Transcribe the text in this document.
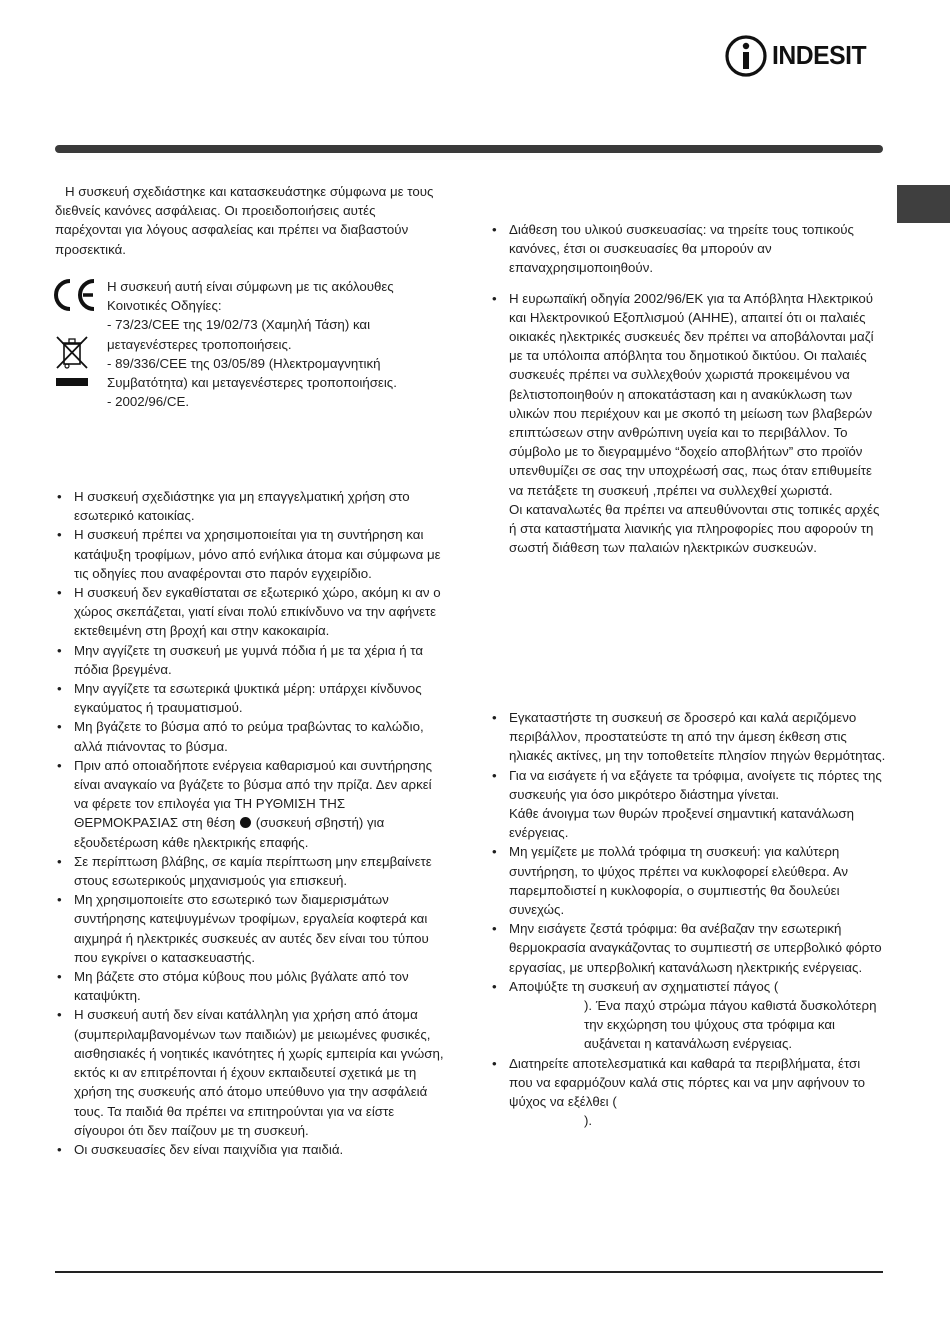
INDESIT
Η συσκευή σχεδιάστηκε και κατασκευάστηκε σύμφωνα με τους διεθνείς κανόνες ασφάλειας. Οι προειδοποιήσεις αυτές παρέχονται για λόγους ασφαλείας και πρέπει να διαβαστούν προσεκτικά.
Η συσκευή αυτή είναι σύμφωνη με τις ακόλουθες
Κοινοτικές Οδηγίες:
- 73/23/CEE της 19/02/73 (Χαμηλή Τάση) και
μεταγενέστερες τροποποιήσεις.
- 89/336/CEE της 03/05/89 (Ηλεκτρομαγνητική
Συμβατότητα) και μεταγενέστερες τροποποιήσεις.
- 2002/96/CE.
• Η συσκευή σχεδιάστηκε για μη επαγγελματική χρήση στο εσωτερικό κατοικίας.
• Η συσκευή πρέπει να χρησιμοποιείται για τη συντήρηση και κατάψυξη τροφίμων, μόνο από ενήλικα άτομα και σύμφωνα με τις οδηγίες που αναφέρονται στο παρόν εγχειρίδιο.
• Η συσκευή δεν εγκαθίσταται σε εξωτερικό χώρο, ακόμη κι αν ο χώρος σκεπάζεται, γιατί είναι πολύ επικίνδυνο να την αφήνετε εκτεθειμένη στη βροχή και στην κακοκαιρία.
• Μην αγγίζετε τη συσκευή με γυμνά πόδια ή με τα χέρια ή τα πόδια βρεγμένα.
• Μην αγγίζετε τα εσωτερικά ψυκτικά μέρη: υπάρχει κίνδυνος εγκαύματος ή τραυματισμού.
• Μη βγάζετε το βύσμα από το ρεύμα τραβώντας το καλώδιο, αλλά πιάνοντας το βύσμα.
• Πριν από οποιαδήποτε ενέργεια καθαρισμού και συντήρησης είναι αναγκαίο να βγάζετε το βύσμα από την πρίζα. Δεν αρκεί να φέρετε τον επιλογέα για ΤΗ ΡΥΘΜΙΣΗ ΤΗΣ ΘΕΡΜΟΚΡΑΣΙΑΣ στη θέση (συσκευή σβηστή) για εξουδετέρωση κάθε ηλεκτρικής επαφής.
• Σε περίπτωση βλάβης, σε καμία περίπτωση μην επεμβαίνετε στους εσωτερικούς μηχανισμούς για επισκευή.
• Μη χρησιμοποιείτε στο εσωτερικό των διαμερισμάτων συντήρησης κατεψυγμένων τροφίμων, εργαλεία κοφτερά και αιχμηρά ή ηλεκτρικές συσκευές αν αυτές δεν είναι του τύπου που εγκρίνει ο κατασκευαστής.
• Μη βάζετε στο στόμα κύβους που μόλις βγάλατε από τον καταψύκτη.
• Η συσκευή αυτή δεν είναι κατάλληλη για χρήση από άτομα (συμπεριλαμβανομένων των παιδιών) με μειωμένες φυσικές, αισθησιακές ή νοητικές ικανότητες ή χωρίς εμπειρία και γνώση, εκτός κι αν επιτρέπονται ή έχουν εκπαιδευτεί σχετικά με τη χρήση της συσκευής από άτομο υπεύθυνο για την ασφάλειά τους. Τα παιδιά θα πρέπει να επιτηρούνται για να είστε σίγουροι ότι δεν παίζουν με τη συσκευή.
• Οι συσκευασίες δεν είναι παιχνίδια για παιδιά.
• Διάθεση του υλικού συσκευασίας: να τηρείτε τους τοπικούς κανόνες, έτσι οι συσκευασίες θα μπορούν αν επαναχρησιμοποιηθούν.
• Η ευρωπαϊκή οδηγία 2002/96/ΕΚ για τα Απόβλητα Ηλεκτρικού και Ηλεκτρονικού Εξοπλισμού (ΑΗΗΕ), απαιτεί ότι οι παλαιές οικιακές ηλεκτρικές συσκευές δεν πρέπει να αποβάλονται μαζί με τα υπόλοιπα απόβλητα του δημοτικού δικτύου. Οι παλαιές συσκευές πρέπει να συλλεχθούν χωριστά προκειμένου να βελτιστοποιηθούν η αποκατάσταση και η ανακύκλωση των υλικών που περιέχουν και με σκοπό τη μείωση των βλαβερών επιπτώσεων στην ανθρώπινη υγεία και το περιβάλλον. Το σύμβολο με το διεγραμμένο “δοχείο αποβλήτων” στο προϊόν υπενθυμίζει σε σας την υποχρέωσή σας, πως όταν επιθυμείτε να πετάξετε τη συσκευή ,πρέπει να συλλεχθεί χωριστά.
Οι καταναλωτές θα πρέπει να απευθύνονται στις τοπικές αρχές ή στα καταστήματα λιανικής για πληροφορίες που αφορούν τη σωστή διάθεση των παλαιών ηλεκτρικών συσκευών.
• Εγκαταστήστε τη συσκευή σε δροσερό και καλά αεριζόμενο περιβάλλον, προστατεύστε τη από την άμεση έκθεση στις ηλιακές ακτίνες, μη την τοποθετείτε πλησίον πηγών θερμότητας.
• Για να εισάγετε ή να εξάγετε τα τρόφιμα, ανοίγετε τις πόρτες της συσκευής για όσο μικρότερο διάστημα γίνεται.
Κάθε άνοιγμα των θυρών προξενεί σημαντική κατανάλωση ενέργειας.
• Μη γεμίζετε με πολλά τρόφιμα τη συσκευή: για καλύτερη συντήρηση, το ψύχος πρέπει να κυκλοφορεί ελεύθερα. Αν παρεμποδιστεί η κυκλοφορία, ο συμπιεστής θα δουλεύει συνεχώς.
• Μην εισάγετε ζεστά τρόφιμα: θα ανέβαζαν την εσωτερική θερμοκρασία αναγκάζοντας το συμπιεστή σε υπερβολικό φόρτο εργασίας, με υπερβολική κατανάλωση ηλεκτρικής ενέργειας.
• Αποψύξτε τη συσκευή αν σχηματιστεί πάγος (
). Ένα παχύ στρώμα πάγου καθιστά δυσκολότερη την εκχώρηση του ψύχους στα τρόφιμα και αυξάνεται η κατανάλωση ενέργειας.
• Διατηρείτε αποτελεσματικά και καθαρά τα περιβλήματα, έτσι που να εφαρμόζουν καλά στις πόρτες και να μην αφήνουν το ψύχος να εξέλθει (
).
